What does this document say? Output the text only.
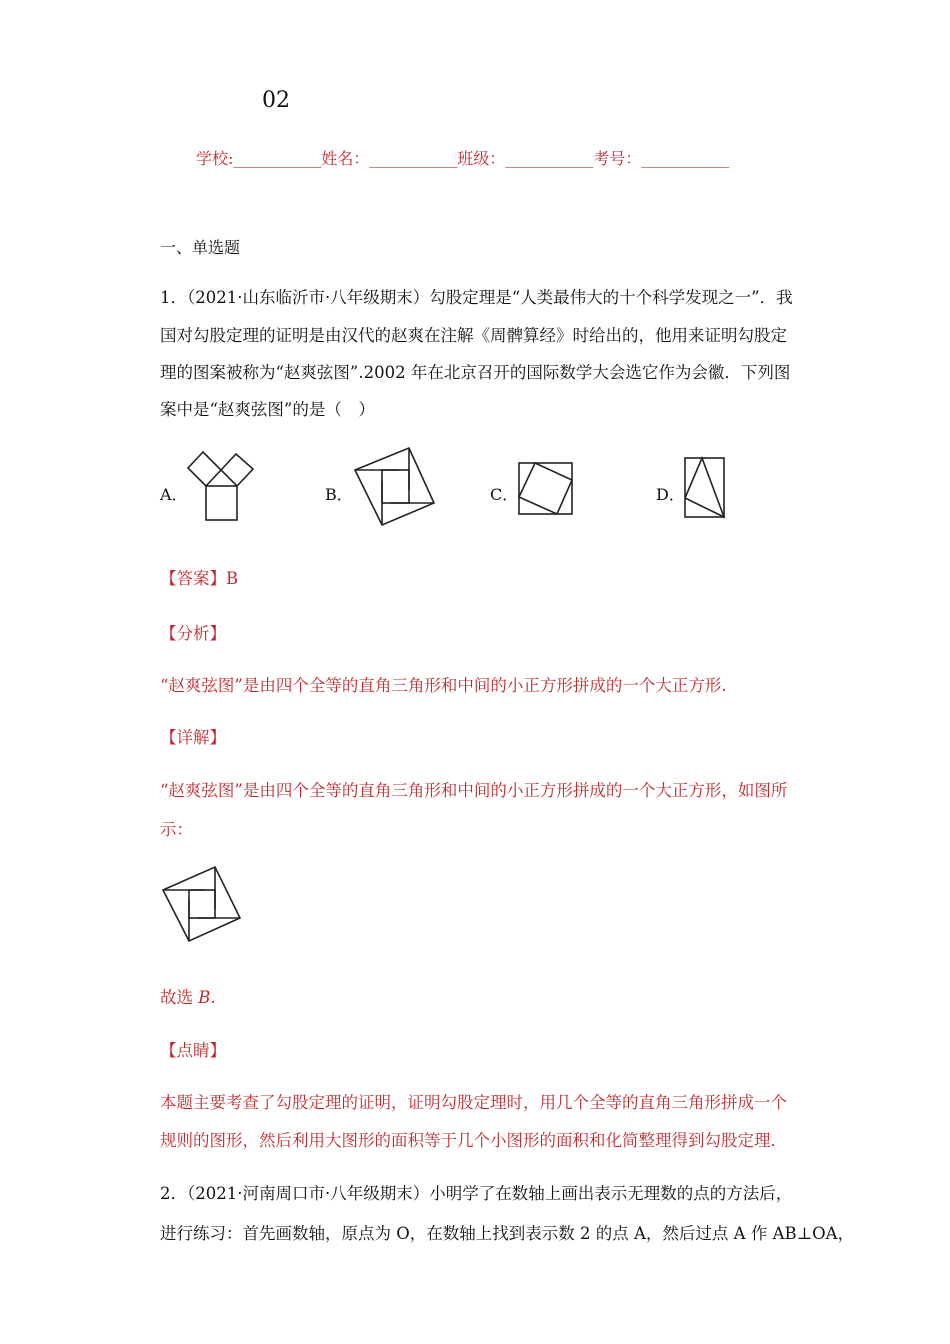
02
学校:___________姓名：___________班级：___________考号：___________
一、单选题
1．（2021·山东临沂市·八年级期末）勾股定理是“人类最伟大的十个科学发现之一”．我
国对勾股定理的证明是由汉代的赵爽在注解《周髀算经》时给出的，他用来证明勾股定
理的图案被称为“赵爽弦图”.2002 年在北京召开的国际数学大会选它作为会徽．下列图
案中是“赵爽弦图”的是（　）
A．	B．	C．	D．
【答案】B
【分析】
“赵爽弦图”是由四个全等的直角三角形和中间的小正方形拼成的一个大正方形.
【详解】
“赵爽弦图”是由四个全等的直角三角形和中间的小正方形拼成的一个大正方形，如图所
示：
故选 B.
【点睛】
本题主要考查了勾股定理的证明，证明勾股定理时，用几个全等的直角三角形拼成一个
规则的图形，然后利用大图形的面积等于几个小图形的面积和化简整理得到勾股定理．
2．（2021·河南周口市·八年级期末）小明学了在数轴上画出表示无理数的点的方法后，
进行练习：首先画数轴，原点为 O，在数轴上找到表示数 2 的点 A，然后过点 A 作 AB⊥OA，
